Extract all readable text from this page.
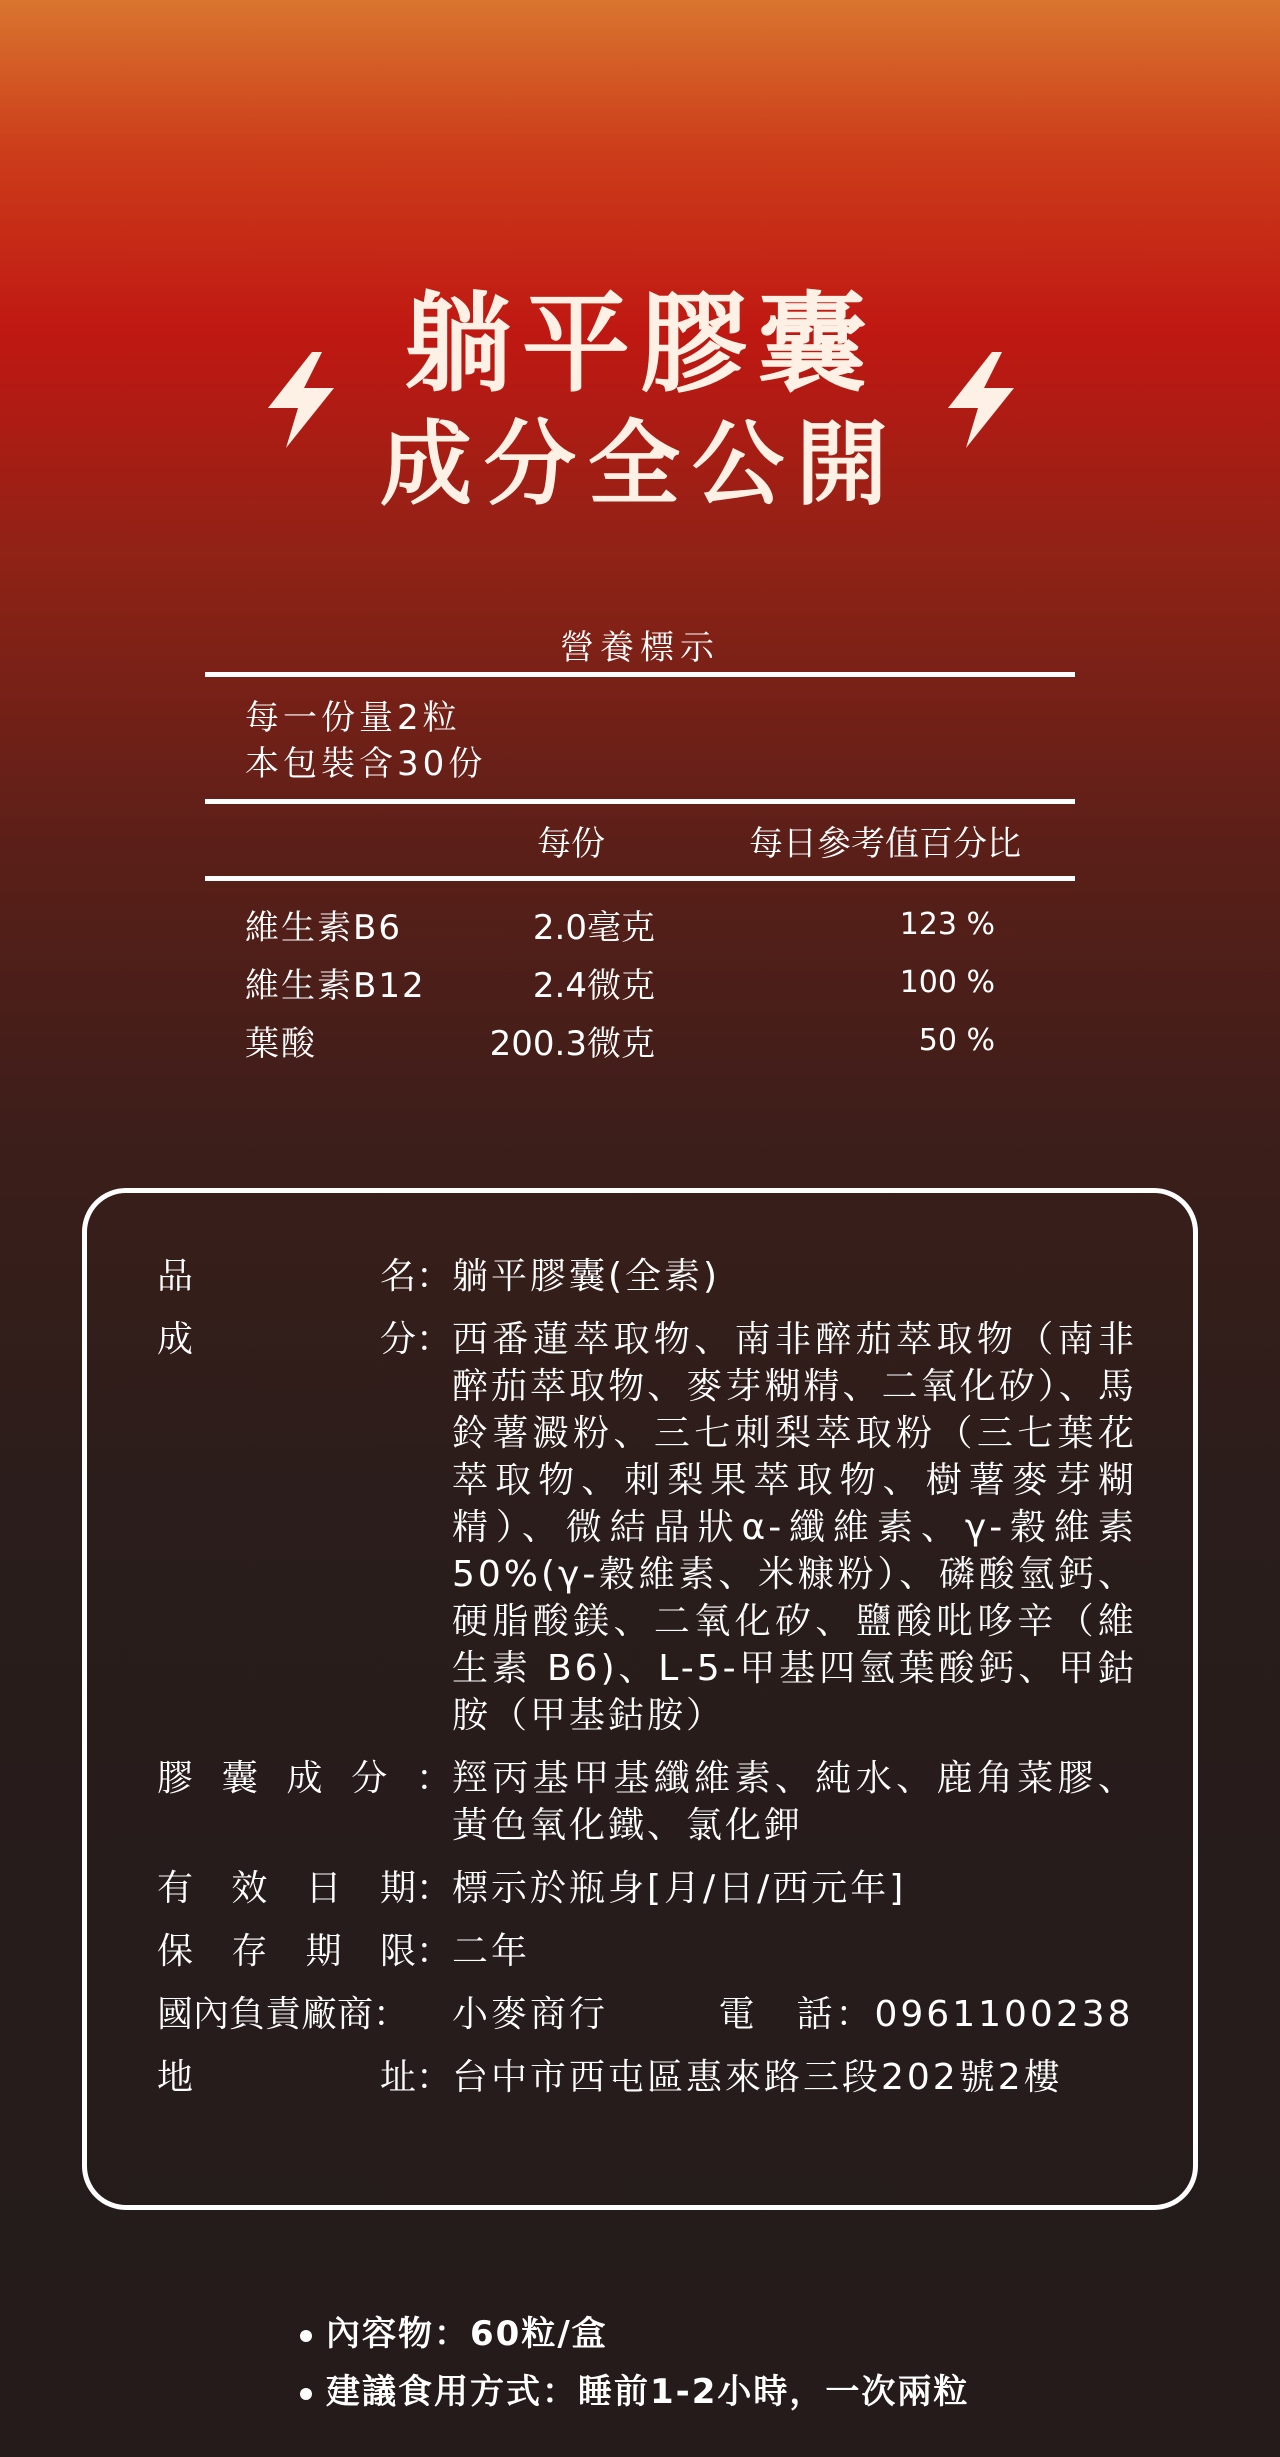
躺平膠囊
成分全公開
營養標示
每一份量2粒
本包裝含30份
每份	每日參考值百分比
維生素B6	2.0毫克	123 %
維生素B12	2.4微克	100 %
葉酸	200.3微克	50 %
品	名： 躺平膠囊(全素)
成	分： 西番蓮萃取物、南非醉茄萃取物（南非醉茄萃取物、麥芽糊精、二氧化矽）、馬鈴薯澱粉、三七刺梨萃取粉（三七葉花萃取物、刺梨果萃取物、樹薯麥芽糊精）、微結晶狀α-纖維素、γ-穀維素 50%(γ-穀維素、米糠粉）、磷酸氫鈣、硬脂酸鎂、二氧化矽、鹽酸吡哆辛（維生素 B6)、L-5-甲基四氫葉酸鈣、甲鈷胺（甲基鈷胺）
膠 囊 成 分 ： 羥丙基甲基纖維素、純水、鹿角菜膠、黃色氧化鐵、氯化鉀
有 效 日 期： 標示於瓶身[月/日/西元年]
保 存 期 限： 二年
國內負責廠商： 小麥商行	電　話：0961100238
地	址： 台中市西屯區惠來路三段202號2樓
內容物：60粒/盒
建議食用方式：睡前1-2小時，一次兩粒
